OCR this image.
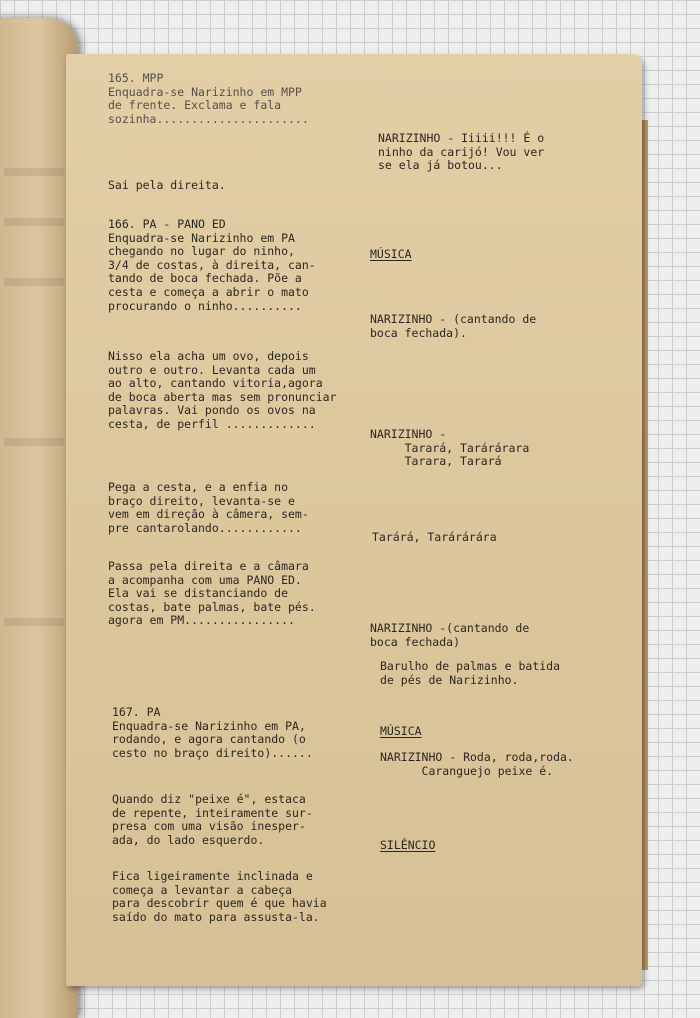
165. MPP
Enquadra-se Narizinho em MPP
de frente. Exclama e fala
sozinha......................
NARIZINHO - Iiiii!!! É o
ninho da carijó! Vou ver
se ela já botou...
Sai pela direita.
166. PA - PANO ED
Enquadra-se Narizinho em PA
chegando no lugar do ninho,
3/4 de costas, à direita, can-
tando de boca fechada. Põe a
cesta e começa a abrir o mato
procurando o ninho..........
MÚSICA
NARIZINHO - (cantando de
boca fechada).
Nisso ela acha um ovo, depois
outro e outro. Levanta cada um
ao alto, cantando vitoria,agora
de boca aberta mas sem pronunciar
palavras. Vai pondo os ovos na
cesta, de perfil .............
NARIZINHO -
Tarará, Tarárárara
Tarara, Tarará
Pega a cesta, e a enfia no
braço direito, levanta-se e
vem em direção à câmera, sem-
pre cantarolando............
Tarárá, Tarárárára
Passa pela direita e a câmara
a acompanha com uma PANO ED.
Ela vai se distanciando de
costas, bate palmas, bate pés.
agora em PM................
NARIZINHO -(cantando de
boca fechada)
Barulho de palmas e batida
de pés de Narizinho.
167. PA
Enquadra-se Narizinho em PA,
rodando, e agora cantando (o
cesto no braço direito)......
MÚSICA
NARIZINHO - Roda, roda,roda.
Caranguejo peixe é.
Quando diz "peixe é", estaca
de repente, inteiramente sur-
presa com uma visão inesper-
ada, do lado esquerdo.	SILÊNCIO
Fica ligeiramente inclinada e
começa a levantar a cabeça
para descobrir quem é que havia
saído do mato para assusta-la.
